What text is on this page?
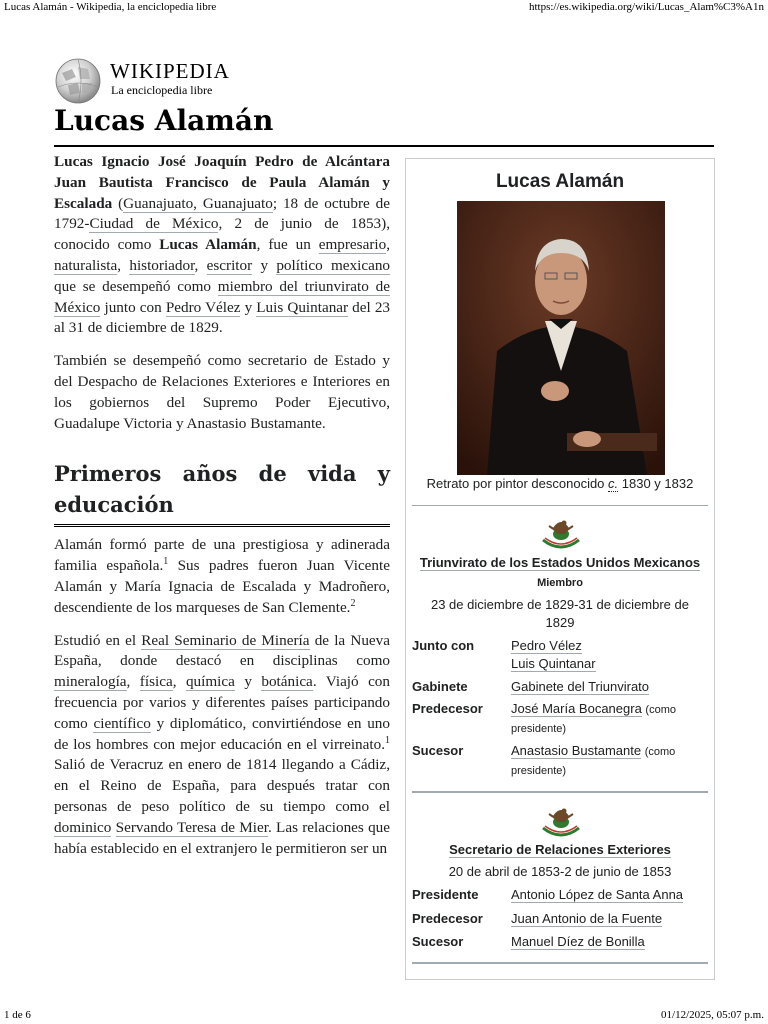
Lucas Alamán - Wikipedia, la enciclopedia libre	https://es.wikipedia.org/wiki/Lucas_Alam%C3%A1n
WIKIPEDIA
La enciclopedia libre
Lucas Alamán

Lucas Ignacio José Joaquín Pedro de Alcántara Juan Bautista Francisco de Paula Alamán y Escalada (Guanajuato, Guanajuato; 18 de octubre de 1792-Ciudad de México, 2 de junio de 1853), conocido como Lucas Alamán, fue un empresario, naturalista, historiador, escritor y político mexicano que se desempeñó como miembro del triunvirato de México junto con Pedro Vélez y Luis Quintanar del 23 al 31 de diciembre de 1829.

También se desempeñó como secretario de Estado y del Despacho de Relaciones Exteriores e Interiores en los gobiernos del Supremo Poder Ejecutivo, Guadalupe Victoria y Anastasio Bustamante.

Primeros años de vida y educación

Alamán formó parte de una prestigiosa y adinerada familia española.$^1$ Sus padres fueron Juan Vicente Alamán y María Ignacia de Escalada y Madroñero, descendiente de los marqueses de San Clemente.$^2$

Estudió en el Real Seminario de Minería de la Nueva España, donde destacó en disciplinas como mineralogía, física, química y botánica. Viajó con frecuencia por varios y diferentes países participando como científico y diplomático, convirtiéndose en uno de los hombres con mejor educación en el virreinato.$^1$ Salió de Veracruz en enero de 1814 llegando a Cádiz, en el Reino de España, para después tratar con personas de peso político de su tiempo como el dominico Servando Teresa de Mier. Las relaciones que había establecido en el extranjero le permitieron ser un

Lucas Alamán
Retrato por pintor desconocido c. 1830 y 1832
Triunvirato de los Estados Unidos Mexicanos
Miembro
23 de diciembre de 1829-31 de diciembre de 1829
Junto con	Pedro Vélez
Luis Quintanar
Gabinete	Gabinete del Triunvirato
Predecesor José María Bocanegra (como presidente)
Sucesor	Anastasio Bustamante (como presidente)
Secretario de Relaciones Exteriores
20 de abril de 1853-2 de junio de 1853
Presidente	Antonio López de Santa Anna
Predecesor Juan Antonio de la Fuente
Sucesor	Manuel Díez de Bonilla
1 de 6	01/12/2025, 05:07 p.m.
